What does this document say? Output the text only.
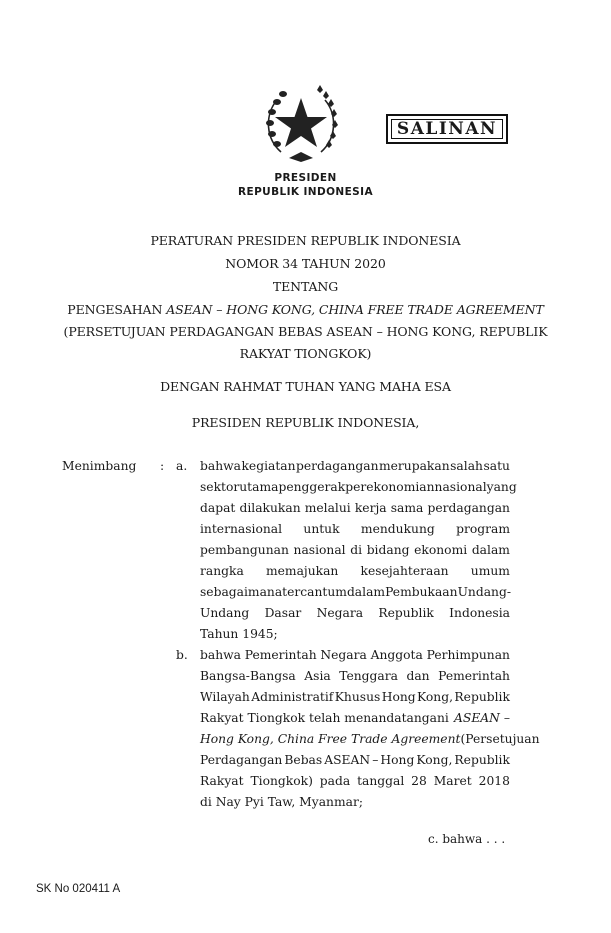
SALINAN
PRESIDEN
REPUBLIK INDONESIA
PERATURAN PRESIDEN REPUBLIK INDONESIA
NOMOR 34 TAHUN 2020
TENTANG
PENGESAHAN ASEAN – HONG KONG, CHINA FREE TRADE AGREEMENT
(PERSETUJUAN PERDAGANGAN BEBAS ASEAN – HONG KONG, REPUBLIK
RAKYAT TIONGKOK)
DENGAN RAHMAT TUHAN YANG MAHA ESA
PRESIDEN REPUBLIK INDONESIA,
Menimbang : a. bahwa kegiatan perdagangan merupakan salah satu
sektor utama penggerak perekonomian nasional yang
dapat dilakukan melalui kerja sama perdagangan
internasional untuk mendukung program
pembangunan nasional di bidang ekonomi dalam
rangka memajukan kesejahteraan umum
sebagaimana tercantum dalam Pembukaan Undang-
Undang Dasar Negara Republik Indonesia
Tahun 1945;
b. bahwa Pemerintah Negara Anggota Perhimpunan
Bangsa-Bangsa Asia Tenggara dan Pemerintah
Wilayah Administratif Khusus Hong Kong, Republik
Rakyat Tiongkok telah menandatangani ASEAN –
Hong Kong, China Free Trade Agreement (Persetujuan
Perdagangan Bebas ASEAN – Hong Kong, Republik
Rakyat Tiongkok) pada tanggal 28 Maret 2018
di Nay Pyi Taw, Myanmar;
c. bahwa . . .
SK No 020411 A
